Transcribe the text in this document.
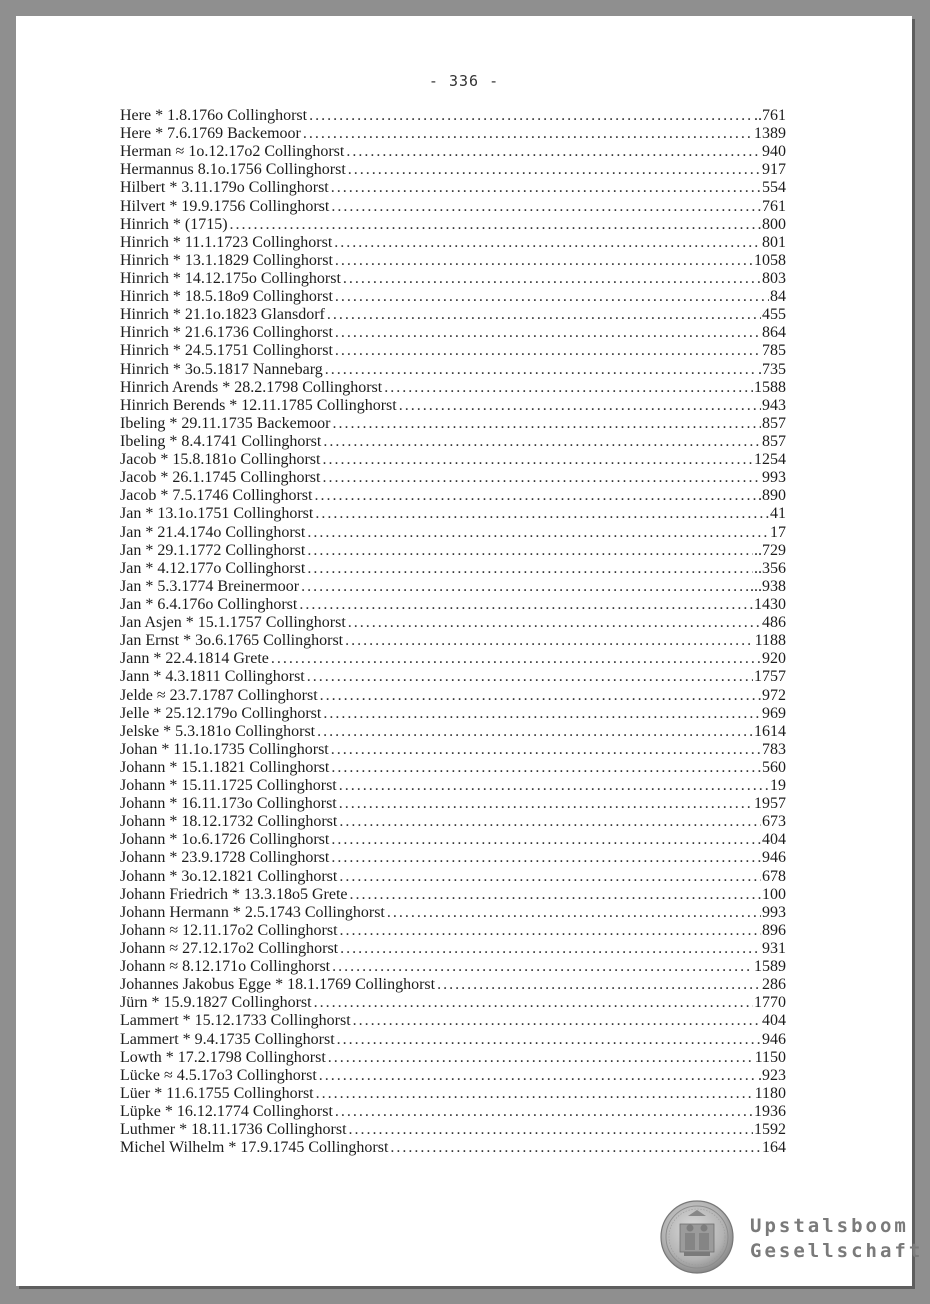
- 336 -
Here * 1.8.176o Collinghorst .....	..761
Here * 7.6.1769 Backemoor .....	1389
Herman ≈ 1o.12.17o2 Collinghorst .....	940
Hermannus 8.1o.1756 Collinghorst .....	917
Hilbert * 3.11.179o Collinghorst .....	554
Hilvert * 19.9.1756 Collinghorst .....	761
Hinrich * (1715) .....	800
Hinrich * 11.1.1723 Collinghorst .....	801
Hinrich * 13.1.1829 Collinghorst .....	1058
Hinrich * 14.12.175o Collinghorst .....	803
Hinrich * 18.5.18o9 Collinghorst .....	84
Hinrich * 21.1o.1823 Glansdorf .....	455
Hinrich * 21.6.1736 Collinghorst .....	864
Hinrich * 24.5.1751 Collinghorst .....	785
Hinrich * 3o.5.1817 Nannebarg .....	.735
Hinrich Arends * 28.2.1798 Collinghorst .....	1588
Hinrich Berends * 12.11.1785 Collinghorst .....	943
Ibeling * 29.11.1735 Backemoor .....	857
Ibeling * 8.4.1741 Collinghorst .....	857
Jacob * 15.8.181o Collinghorst .....	1254
Jacob * 26.1.1745 Collinghorst .....	993
Jacob * 7.5.1746 Collinghorst .....	.890
Jan * 13.1o.1751 Collinghorst .....	41
Jan * 21.4.174o Collinghorst .....	17
Jan * 29.1.1772 Collinghorst .....	..729
Jan * 4.12.177o Collinghorst .....	..356
Jan * 5.3.1774 Breinermoor .....	...938
Jan * 6.4.176o Collinghorst .....	1430
Jan Asjen * 15.1.1757 Collinghorst .....	486
Jan Ernst * 3o.6.1765 Collinghorst .....	1188
Jann * 22.4.1814 Grete .....	920
Jann * 4.3.1811 Collinghorst .....	1757
Jelde ≈ 23.7.1787 Collinghorst .....	972
Jelle * 25.12.179o Collinghorst .....	969
Jelske * 5.3.181o Collinghorst .....	1614
Johan * 11.1o.1735 Collinghorst .....	783
Johann * 15.1.1821 Collinghorst .....	560
Johann * 15.11.1725 Collinghorst .....	19
Johann * 16.11.173o Collinghorst .....	1957
Johann * 18.12.1732 Collinghorst .....	673
Johann * 1o.6.1726 Collinghorst .....	404
Johann * 23.9.1728 Collinghorst .....	946
Johann * 3o.12.1821 Collinghorst .....	678
Johann Friedrich * 13.3.18o5 Grete .....	100
Johann Hermann * 2.5.1743 Collinghorst .....	993
Johann ≈ 12.11.17o2 Collinghorst .....	896
Johann ≈ 27.12.17o2 Collinghorst .....	931
Johann ≈ 8.12.171o Collinghorst .....	1589
Johannes Jakobus Egge * 18.1.1769 Collinghorst .....	286
Jürn * 15.9.1827 Collinghorst .....	1770
Lammert * 15.12.1733 Collinghorst .....	404
Lammert * 9.4.1735 Collinghorst .....	946
Lowth * 17.2.1798 Collinghorst .....	1150
Lücke ≈ 4.5.17o3 Collinghorst .....	.923
Lüer * 11.6.1755 Collinghorst .....	1180
Lüpke * 16.12.1774 Collinghorst .....	1936
Luthmer * 18.11.1736 Collinghorst .....	1592
Michel Wilhelm * 17.9.1745 Collinghorst .....	164
Upstalsboom
Gesellschaft
